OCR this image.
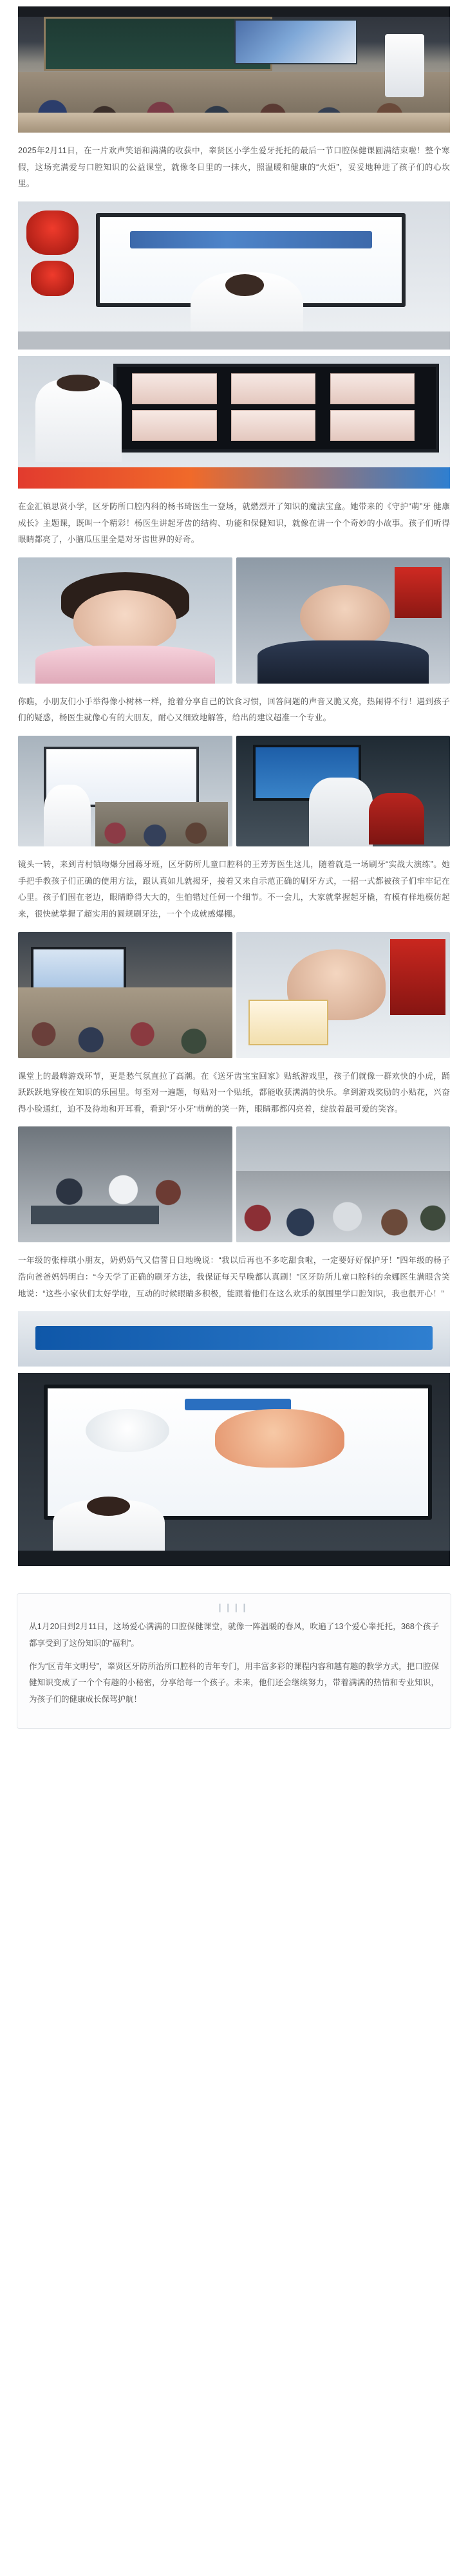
2025年2月11日，在一片欢声笑语和满满的收获中，睾贤区小学生爱牙托托的最后一节口腔保健课圆满结束啦！整个寒假，这场充满爱与口腔知识的公益课堂，就像冬日里的一抹火，照温暖和健康的“火炬”，妥妥地种进了孩子们的心坎里。

在金汇镇思贤小学，区牙防所口腔内科的杨书琦医生一登场，就燃烈开了知识的魔法宝盒。她带来的《守护“萌”牙 健康成长》主题课，既叫一个精彩！杨医生讲起牙齿的结构、功能和保健知识，就像在讲一个个奇妙的小故事。孩子们听得眼睛都亮了，小脑瓜压里全是对牙齿世界的好奇。

你瞧，小朋友们小手举得像小树林一样，抢着分享自己的饮食习惯，回答问题的声音又脆又亮，热闹得不行！遇到孩子们的疑惑，杨医生就像心有的大朋友，耐心又细致地解答，给出的建议超准一个专业。

镜头一转，来到青村镇吻爆分园蒋牙班，区牙防所儿童口腔科的王芳芳医生这儿，随着就是一场刷牙“实战大演练”。她手把手教孩子们正确的使用方法，跟认真如儿就揭牙，接着又来自示范正确的刷牙方式，一招一式都被孩子们牢牢记在心里。孩子们围在老边，眼睛睁得大大的，生怕错过任何一个细节。不一会儿，大家就掌握起牙橇，有模有样地模仿起来，很快就掌握了超实用的圆规刷牙法，一个个成就感爆棚。

课堂上的最嗨游戏环节，更是愁气氛直拉了高潮。在《送牙齿宝宝回家》贴纸游戏里，孩子们就像一群欢快的小虎，踊跃跃跃地穿梭在知识的乐园里。每至对一遍题，每贴对一个贴纸，都能收获满满的快乐。拿到游戏奖励的小贴花，兴奋得小脸通红，迫不及待地和开耳看，看到“牙小牙”萌萌的笑一阵，眼睛那都闪亮着，绽放着最可爱的笑容。

一年级的张梓琪小朋友，奶奶奶气又信誓日日地晚说：“我以后再也不多吃甜食啦，一定要好好保护牙！”四年级的杨子浩向爸爸妈妈明白：“今天学了正确的刷牙方法，我保证每天早晚都认真刷！”区牙防所儿童口腔科的余娜医生满眼含笑地说：“这些小家伙们太好学啦，互动的时候眼睛多积极，能跟着他们在这么欢乐的氛围里学口腔知识，我也很开心！”

┃┃┃┃

从1月20日到2月11日，这场爱心满满的口腔保健课堂，就像一阵温暖的春风，吹遍了13个爱心睾托托，368个孩子都享受到了这份知识的“福利”。

作为“区青年文明号”，睾贤区牙防所治所口腔科的青年专门，用丰富多彩的课程内容和越有趣的教学方式，把口腔保健知识变成了一个个有趣的小秘密，分享给每一个孩子。未来，他们还会继续努力，带着满满的热情和专业知识，为孩子们的健康成长保驾护航！
